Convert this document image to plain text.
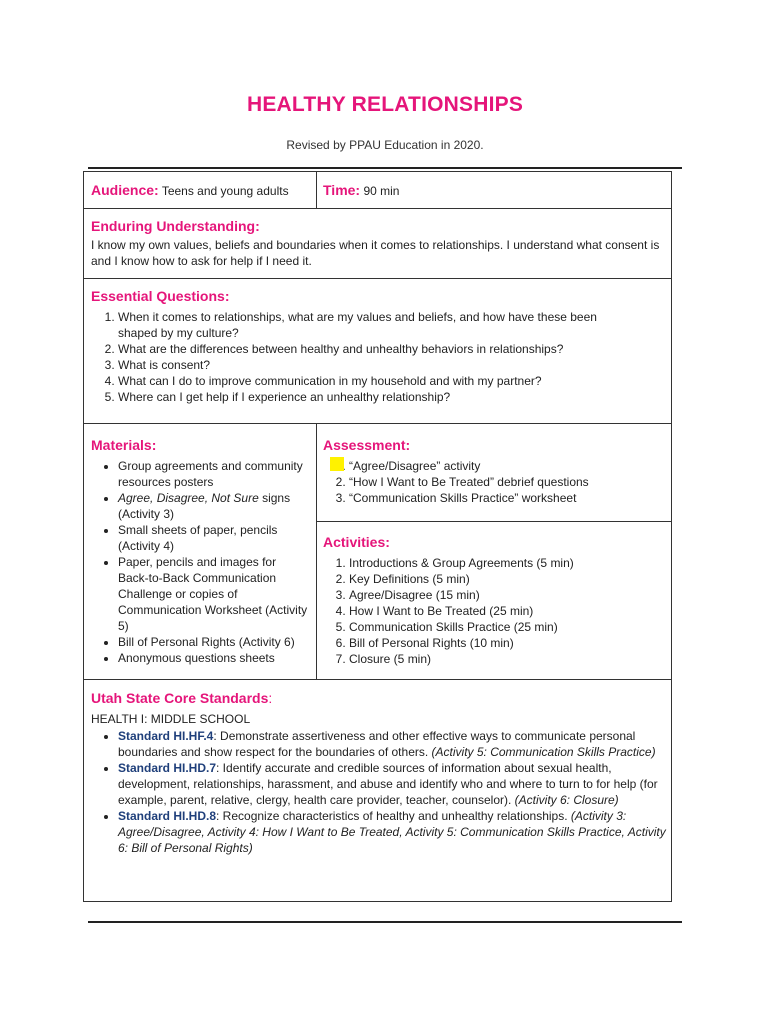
HEALTHY RELATIONSHIPS
Revised by PPAU Education in 2020.
Audience: Teens and young adults	Time: 90 min
Enduring Understanding:
I know my own values, beliefs and boundaries when it comes to relationships. I understand what consent is and I know how to ask for help if I need it.
Essential Questions:
1. When it comes to relationships, what are my values and beliefs, and how have these been shaped by my culture?
2. What are the differences between healthy and unhealthy behaviors in relationships?
3. What is consent?
4. What can I do to improve communication in my household and with my partner?
5. Where can I get help if I experience an unhealthy relationship?
Materials:
• Group agreements and community resources posters
• Agree, Disagree, Not Sure signs (Activity 3)
• Small sheets of paper, pencils (Activity 4)
• Paper, pencils and images for Back-to-Back Communication Challenge or copies of Communication Worksheet (Activity 5)
• Bill of Personal Rights (Activity 6)
• Anonymous questions sheets
Assessment:
1. “Agree/Disagree” activity
2. “How I Want to Be Treated” debrief questions
3. “Communication Skills Practice” worksheet
Activities:
1. Introductions & Group Agreements (5 min)
2. Key Definitions (5 min)
3. Agree/Disagree (15 min)
4. How I Want to Be Treated (25 min)
5. Communication Skills Practice (25 min)
6. Bill of Personal Rights (10 min)
7. Closure (5 min)
Utah State Core Standards:
HEALTH I: MIDDLE SCHOOL
• Standard HI.HF.4: Demonstrate assertiveness and other effective ways to communicate personal boundaries and show respect for the boundaries of others. (Activity 5: Communication Skills Practice)
• Standard HI.HD.7: Identify accurate and credible sources of information about sexual health, development, relationships, harassment, and abuse and identify who and where to turn to for help (for example, parent, relative, clergy, health care provider, teacher, counselor). (Activity 6: Closure)
• Standard HI.HD.8: Recognize characteristics of healthy and unhealthy relationships. (Activity 3: Agree/Disagree, Activity 4: How I Want to Be Treated, Activity 5: Communication Skills Practice, Activity 6: Bill of Personal Rights)
